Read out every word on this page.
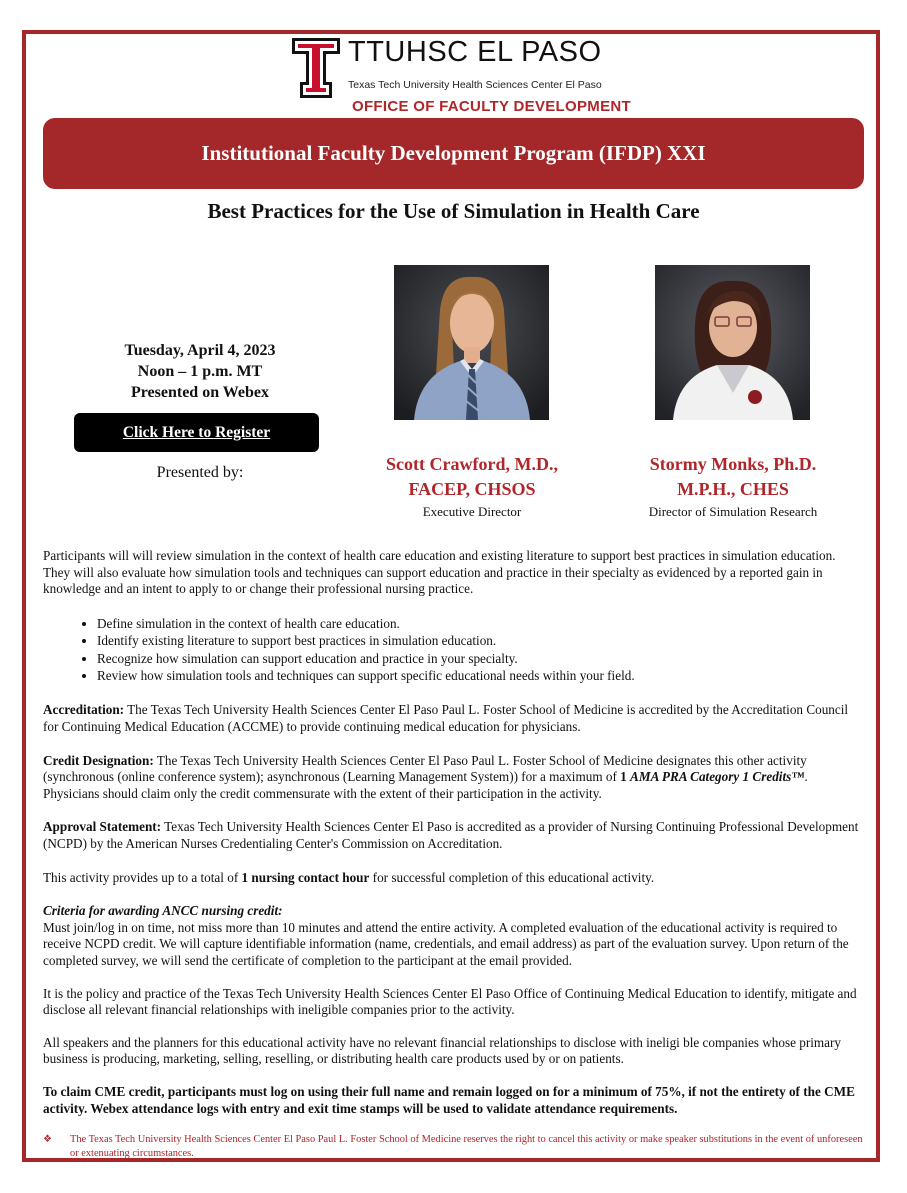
TTUHSC EL PASO
Texas Tech University Health Sciences Center El Paso
OFFICE OF FACULTY DEVELOPMENT
Institutional Faculty Development Program (IFDP) XXI
Best Practices for the Use of Simulation in Health Care
Tuesday, April 4, 2023
Noon – 1 p.m. MT
Presented on Webex
Click Here to Register
Presented by:	Scott Crawford, M.D.,
FACEP, CHSOS
Executive Director
Stormy Monks, Ph.D.
M.P.H., CHES
Director of Simulation Research

Participants will will review simulation in the context of health care education and existing literature to support best practices in simulation education. They will also evaluate how simulation tools and techniques can support education and practice in their specialty as evidenced by a reported gain in knowledge and an intent to apply to or change their professional nursing practice.

• Define simulation in the context of health care education.
• Identify existing literature to support best practices in simulation education.
• Recognize how simulation can support education and practice in your specialty.
• Review how simulation tools and techniques can support specific educational needs within your field.

Accreditation: The Texas Tech University Health Sciences Center El Paso Paul L. Foster School of Medicine is accredited by the Accreditation Council for Continuing Medical Education (ACCME) to provide continuing medical education for physicians.

Credit Designation: The Texas Tech University Health Sciences Center El Paso Paul L. Foster School of Medicine designates this other activity (synchronous (online conference system); asynchronous (Learning Management System)) for a maximum of 1 AMA PRA Category 1 Credits™. Physicians should claim only the credit commensurate with the extent of their participation in the activity.

Approval Statement: Texas Tech University Health Sciences Center El Paso is accredited as a provider of Nursing Continuing Professional Development (NCPD) by the American Nurses Credentialing Center's Commission on Accreditation.

This activity provides up to a total of 1 nursing contact hour for successful completion of this educational activity.

Criteria for awarding ANCC nursing credit:
Must join/log in on time, not miss more than 10 minutes and attend the entire activity. A completed evaluation of the educational activity is required to receive NCPD credit. We will capture identifiable information (name, credentials, and email address) as part of the evaluation survey. Upon return of the completed survey, we will send the certificate of completion to the participant at the email provided.

It is the policy and practice of the Texas Tech University Health Sciences Center El Paso Office of Continuing Medical Education to identify, mitigate and disclose all relevant financial relationships with ineligible companies prior to the activity.

All speakers and the planners for this educational activity have no relevant financial relationships to disclose with ineligi ble companies whose primary business is producing, marketing, selling, reselling, or distributing health care products used by or on patients.

To claim CME credit, participants must log on using their full name and remain logged on for a minimum of 75%, if not the entirety of the CME activity. Webex attendance logs with entry and exit time stamps will be used to validate attendance requirements.

❖ The Texas Tech University Health Sciences Center El Paso Paul L. Foster School of Medicine reserves the right to cancel this activity or make speaker substitutions in the event of unforeseen or extenuating circumstances.
